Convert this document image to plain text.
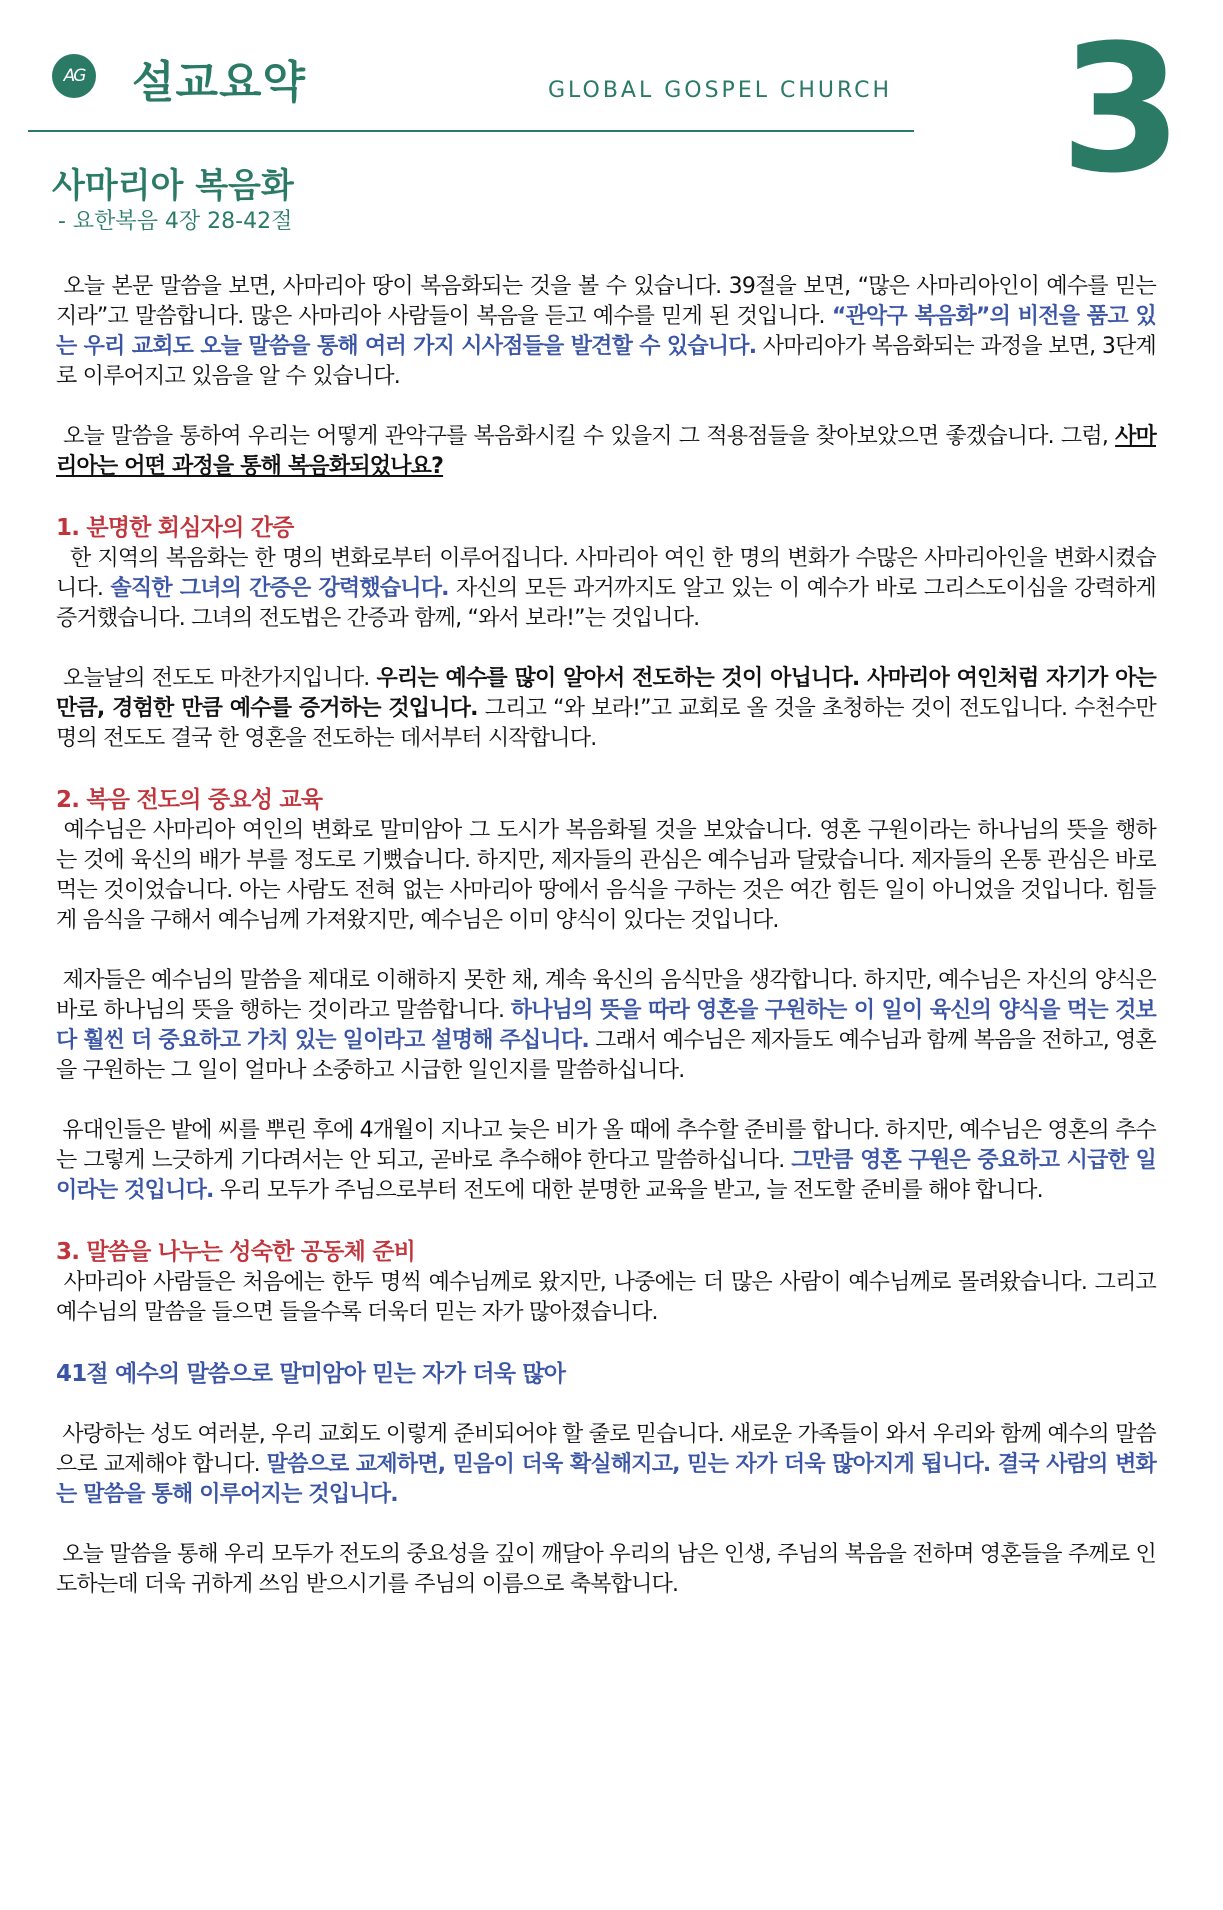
AG 설교요약	GLOBAL GOSPEL CHURCH 3
사마리아 복음화
- 요한복음 4장 28-42절

오늘 본문 말씀을 보면, 사마리아 땅이 복음화되는 것을 볼 수 있습니다. 39절을 보면, “많은 사마리아인이 예수를 믿는지라”고 말씀합니다. 많은 사마리아 사람들이 복음을 듣고 예수를 믿게 된 것입니다. “관악구 복음화”의 비전을 품고 있는 우리 교회도 오늘 말씀을 통해 여러 가지 시사점들을 발견할 수 있습니다. 사마리아가 복음화되는 과정을 보면, 3단계로 이루어지고 있음을 알 수 있습니다.

오늘 말씀을 통하여 우리는 어떻게 관악구를 복음화시킬 수 있을지 그 적용점들을 찾아보았으면 좋겠습니다. 그럼, 사마리아는 어떤 과정을 통해 복음화되었나요?

1. 분명한 회심자의 간증

한 지역의 복음화는 한 명의 변화로부터 이루어집니다. 사마리아 여인 한 명의 변화가 수많은 사마리아인을 변화시켰습니다. 솔직한 그녀의 간증은 강력했습니다. 자신의 모든 과거까지도 알고 있는 이 예수가 바로 그리스도이심을 강력하게 증거했습니다. 그녀의 전도법은 간증과 함께, “와서 보라!”는 것입니다.

오늘날의 전도도 마찬가지입니다. 우리는 예수를 많이 알아서 전도하는 것이 아닙니다. 사마리아 여인처럼 자기가 아는 만큼, 경험한 만큼 예수를 증거하는 것입니다. 그리고 “와 보라!”고 교회로 올 것을 초청하는 것이 전도입니다. 수천수만 명의 전도도 결국 한 영혼을 전도하는 데서부터 시작합니다.

2. 복음 전도의 중요성 교육

예수님은 사마리아 여인의 변화로 말미암아 그 도시가 복음화될 것을 보았습니다. 영혼 구원이라는 하나님의 뜻을 행하는 것에 육신의 배가 부를 정도로 기뻤습니다. 하지만, 제자들의 관심은 예수님과 달랐습니다. 제자들의 온통 관심은 바로 먹는 것이었습니다. 아는 사람도 전혀 없는 사마리아 땅에서 음식을 구하는 것은 여간 힘든 일이 아니었을 것입니다. 힘들게 음식을 구해서 예수님께 가져왔지만, 예수님은 이미 양식이 있다는 것입니다.

제자들은 예수님의 말씀을 제대로 이해하지 못한 채, 계속 육신의 음식만을 생각합니다. 하지만, 예수님은 자신의 양식은 바로 하나님의 뜻을 행하는 것이라고 말씀합니다. 하나님의 뜻을 따라 영혼을 구원하는 이 일이 육신의 양식을 먹는 것보다 훨씬 더 중요하고 가치 있는 일이라고 설명해 주십니다. 그래서 예수님은 제자들도 예수님과 함께 복음을 전하고, 영혼을 구원하는 그 일이 얼마나 소중하고 시급한 일인지를 말씀하십니다.

유대인들은 밭에 씨를 뿌린 후에 4개월이 지나고 늦은 비가 올 때에 추수할 준비를 합니다. 하지만, 예수님은 영혼의 추수는 그렇게 느긋하게 기다려서는 안 되고, 곧바로 추수해야 한다고 말씀하십니다. 그만큼 영혼 구원은 중요하고 시급한 일이라는 것입니다. 우리 모두가 주님으로부터 전도에 대한 분명한 교육을 받고, 늘 전도할 준비를 해야 합니다.

3. 말씀을 나누는 성숙한 공동체 준비

사마리아 사람들은 처음에는 한두 명씩 예수님께로 왔지만, 나중에는 더 많은 사람이 예수님께로 몰려왔습니다. 그리고 예수님의 말씀을 들으면 들을수록 더욱더 믿는 자가 많아졌습니다.

41절 예수의 말씀으로 말미암아 믿는 자가 더욱 많아

사랑하는 성도 여러분, 우리 교회도 이렇게 준비되어야 할 줄로 믿습니다. 새로운 가족들이 와서 우리와 함께 예수의 말씀으로 교제해야 합니다. 말씀으로 교제하면, 믿음이 더욱 확실해지고, 믿는 자가 더욱 많아지게 됩니다. 결국 사람의 변화는 말씀을 통해 이루어지는 것입니다.

오늘 말씀을 통해 우리 모두가 전도의 중요성을 깊이 깨달아 우리의 남은 인생, 주님의 복음을 전하며 영혼들을 주께로 인도하는데 더욱 귀하게 쓰임 받으시기를 주님의 이름으로 축복합니다.
